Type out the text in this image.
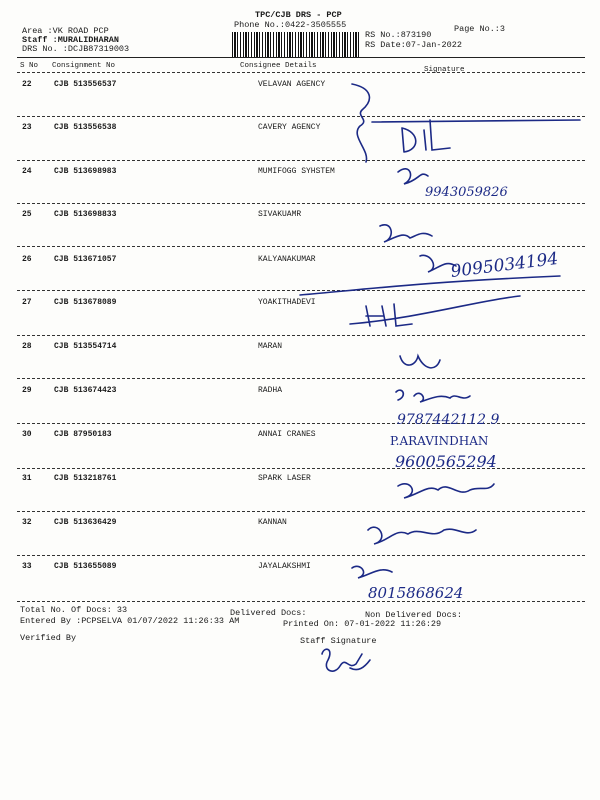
TPC/CJB DRS - PCP
Phone No.:0422-3505555
Area :VK ROAD PCP
Staff :MURALIDHARAN
DRS No. :DCJB87319003
Page No.:3
RS No.:873190
RS Date:07-Jan-2022
S No Consignment No	Consignee Details	Signature
22	CJB 513556537	VELAVAN AGENCY
23	CJB 513556538	CAVERY AGENCY
24	CJB 513698983	MUMIFOGG SYHSTEM
25	CJB 513698833	SIVAKUAMR
26	CJB 513671057	KALYANAKUMAR
27	CJB 513678089	YOAKITHADEVI
28	CJB 513554714	MARAN
29	CJB 513674423	RADHA
30	CJB 87950183	ANNAI CRANES
31	CJB 513218761	SPARK LASER
32	CJB 513636429	KANNAN
33	CJB 513655089	JAYALAKSHMI
9943059826
9095034194
9787442112 9
P.ARAVINDHAN
9600565294
8015868624
Total No. Of Docs: 33	Delivered Docs:	Non Delivered Docs:
Entered By :PCPSELVA 01/07/2022 11:26:33 AM	Printed On: 07-01-2022 11:26:29
Verified By	Staff Signature
